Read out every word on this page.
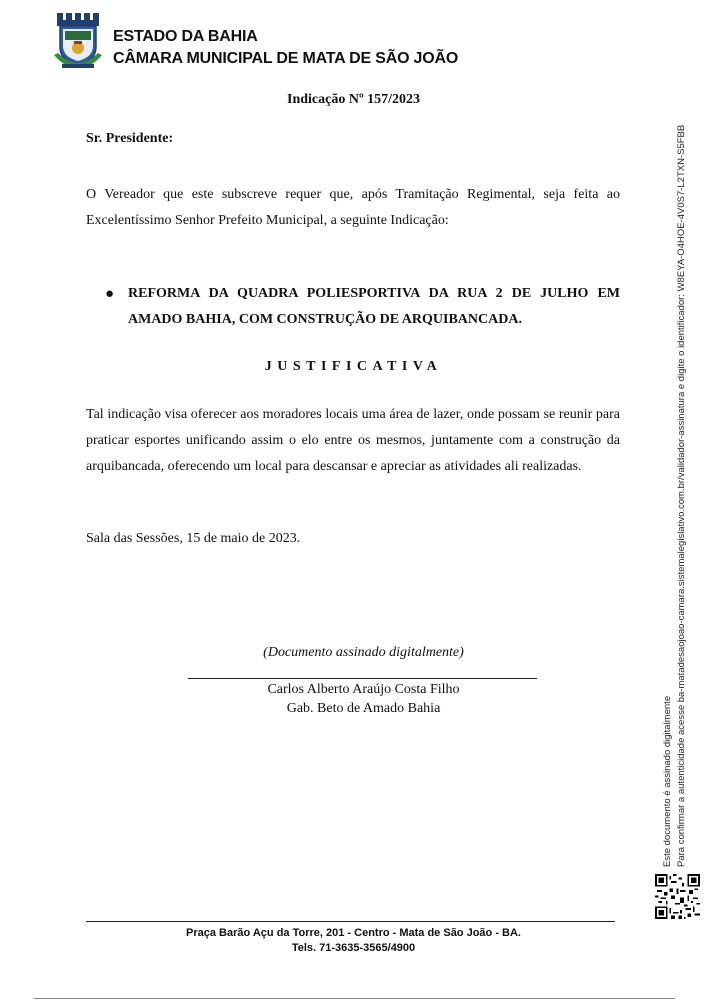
ESTADO DA BAHIA
CÂMARA MUNICIPAL DE MATA DE SÃO JOÃO
Indicação Nº 157/2023
Sr. Presidente:
O Vereador que este subscreve requer que, após Tramitação Regimental, seja feita ao Excelentíssimo Senhor Prefeito Municipal, a seguinte Indicação:
● REFORMA DA QUADRA POLIESPORTIVA DA RUA 2 DE JULHO EM AMADO BAHIA, COM CONSTRUÇÃO DE ARQUIBANCADA.
JUSTIFICATIVA
Tal indicação visa oferecer aos moradores locais uma área de lazer, onde possam se reunir para praticar esportes unificando assim o elo entre os mesmos, juntamente com a construção da arquibancada, oferecendo um local para descansar e apreciar as atividades ali realizadas.
Sala das Sessões, 15 de maio de 2023.
(Documento assinado digitalmente)
Carlos Alberto Araújo Costa Filho
Gab. Beto de Amado Bahia	Este documento é assinado digitalmente Para confirmar a autenticidade acesse ba-matadesaojoao-camara.sistemalegislativo.com.br/validador-assinatura e digite o identificador: W8EYA-O4HOE-4V0S7-L2TXN-S5FBB
Praça Barão Açu da Torre, 201 - Centro - Mata de São João - BA.
Tels. 71-3635-3565/4900
